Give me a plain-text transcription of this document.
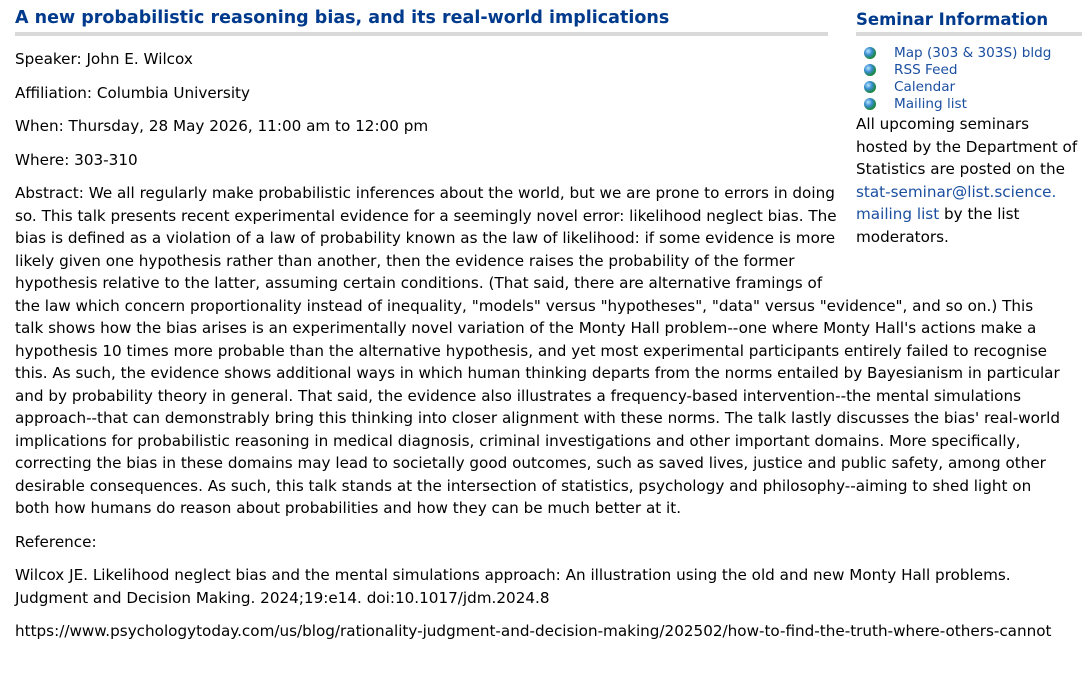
A new probabilistic reasoning bias, and its real-world implications	Seminar Information
Map (303 & 303S) bldg
RSS Feed
Calendar
Mailing list

All upcoming seminars hosted by the Department of Statistics are posted on the stat-seminar@list.science. mailing list by the list moderators.

Speaker: John E. Wilcox

Affiliation: Columbia University

When: Thursday, 28 May 2026, 11:00 am to 12:00 pm

Where: 303-310

Abstract: We all regularly make probabilistic inferences about the world, but we are prone to errors in doing so. This talk presents recent experimental evidence for a seemingly novel error: likelihood neglect bias. The bias is defined as a violation of a law of probability known as the law of likelihood: if some evidence is more likely given one hypothesis rather than another, then the evidence raises the probability of the former hypothesis relative to the latter, assuming certain conditions. (That said, there are alternative framings of the law which concern proportionality instead of inequality, "models" versus "hypotheses", "data" versus "evidence", and so on.) This talk shows how the bias arises is an experimentally novel variation of the Monty Hall problem--one where Monty Hall's actions make a hypothesis 10 times more probable than the alternative hypothesis, and yet most experimental participants entirely failed to recognise this. As such, the evidence shows additional ways in which human thinking departs from the norms entailed by Bayesianism in particular and by probability theory in general. That said, the evidence also illustrates a frequency-based intervention--the mental simulations approach--that can demonstrably bring this thinking into closer alignment with these norms. The talk lastly discusses the bias' real-world implications for probabilistic reasoning in medical diagnosis, criminal investigations and other important domains. More specifically, correcting the bias in these domains may lead to societally good outcomes, such as saved lives, justice and public safety, among other desirable consequences. As such, this talk stands at the intersection of statistics, psychology and philosophy--aiming to shed light on both how humans do reason about probabilities and how they can be much better at it.

Reference:

Wilcox JE. Likelihood neglect bias and the mental simulations approach: An illustration using the old and new Monty Hall problems. Judgment and Decision Making. 2024;19:e14. doi:10.1017/jdm.2024.8

https://www.psychologytoday.com/us/blog/rationality-judgment-and-decision-making/202502/how-to-find-the-truth-where-others-cannot
